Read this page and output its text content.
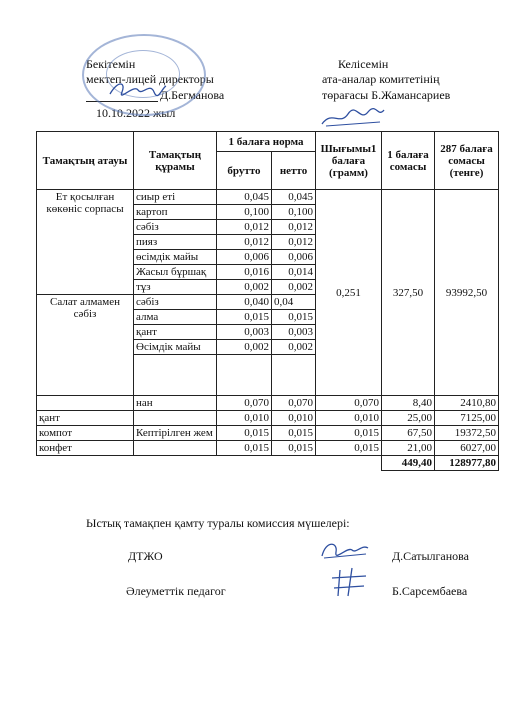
Бекітемін
мектеп-лицей директоры
Д.Бегманова
10.10.2022 жыл
Келісемін
ата-аналар комитетінің
төрағасы Б.Жамансариев
Тамақтың атауы	Тамақтың құрамы	1 балаға норма		Шығымы1 балаға (грамм)	1 балаға сомасы	287 балаға сомасы (тенге)
		брутто	нетто			
Ет қосылған көкөніс сорпасы	сиыр еті	0,045	0,045	0,251	327,50	93992,50
	картоп	0,100	0,100			
	сәбіз	0,012	0,012			
	пияз	0,012	0,012			
	өсімдік майы	0,006	0,006			
	Жасыл бұршақ	0,016	0,014			
	тұз	0,002	0,002			
Салат алмамен сәбіз	сәбіз	0,040	0,04			
	алма	0,015	0,015			
	қант	0,003	0,003			
	Өсімдік майы	0,002	0,002			

	нан	0,070	0,070	0,070	8,40	2410,80
қант		0,010	0,010	0,010	25,00	7125,00
компот	Кептірілген жем	0,015	0,015	0,015	67,50	19372,50
конфет		0,015	0,015	0,015	21,00	6027,00
					449,40	128977,80
Ыстық тамақпен қамту туралы комиссия мүшелері:
ДТЖО	Д.Сатылганова
Әлеуметтік педагог	Б.Сарсембаева
